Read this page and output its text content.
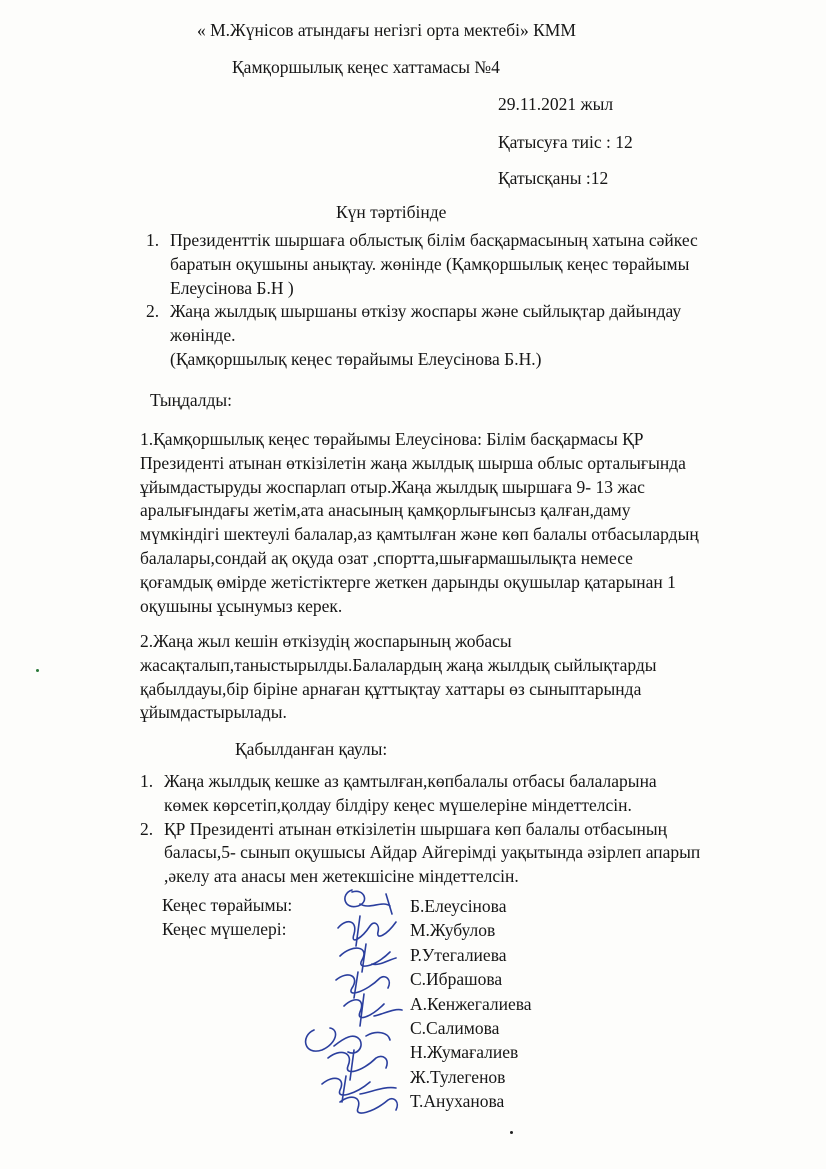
« М.Жүнісов атындағы негізгі орта мектебі» КММ
Қамқоршылық кеңес хаттамасы №4
29.11.2021 жыл
Қатысуға тиіс : 12
Қатысқаны :12
Күн тәртібінде
1. Президенттік шыршаға облыстық білім басқармасының хатына сәйкес
баратын оқушыны анықтау. жөнінде (Қамқоршылық кеңес төрайымы
Елеусінова Б.Н )
2. Жаңа жылдық шыршаны өткізу жоспары және сыйлықтар дайындау
жөнінде.
(Қамқоршылық кеңес төрайымы Елеусінова Б.Н.)
Тыңдалды:
1.Қамқоршылық кеңес төрайымы Елеусінова: Білім басқармасы ҚР
Президенті атынан өткізілетін жаңа жылдық шырша облыс орталығында
ұйымдастыруды жоспарлап отыр.Жаңа жылдық шыршаға 9- 13 жас
аралығындағы жетім,ата анасының қамқорлығынсыз қалған,даму
мүмкіндігі шектеулі балалар,аз қамтылған және көп балалы отбасылардың
балалары,сондай ақ оқуда озат ,спортта,шығармашылықта немесе
қоғамдық өмірде жетістіктерге жеткен дарынды оқушылар қатарынан 1
оқушыны ұсынумыз керек.
2.Жаңа жыл кешін өткізудің жоспарының жобасы
жасақталып,таныстырылды.Балалардың жаңа жылдық сыйлықтарды
қабылдауы,бір біріне арнаған құттықтау хаттары өз сыныптарында
ұйымдастырылады.
Қабылданған қаулы:
1. Жаңа жылдық кешке аз қамтылған,көпбалалы отбасы балаларына
көмек көрсетіп,қолдау білдіру кеңес мүшелеріне міндеттелсін.
2. ҚР Президенті атынан өткізілетін шыршаға көп балалы отбасының
баласы,5- сынып оқушысы Айдар Айгерімді уақытында әзірлеп апарып
,әкелу ата анасы мен жетекшісіне міндеттелсін.
Кеңес төрайымы:
Кеңес мүшелері:
Б.Елеусінова
М.Жубулов
Р.Утегалиева
С.Ибрашова
А.Кенжегалиева
С.Салимова
Н.Жумағалиев
Ж.Тулегенов
Т.Ануханова
